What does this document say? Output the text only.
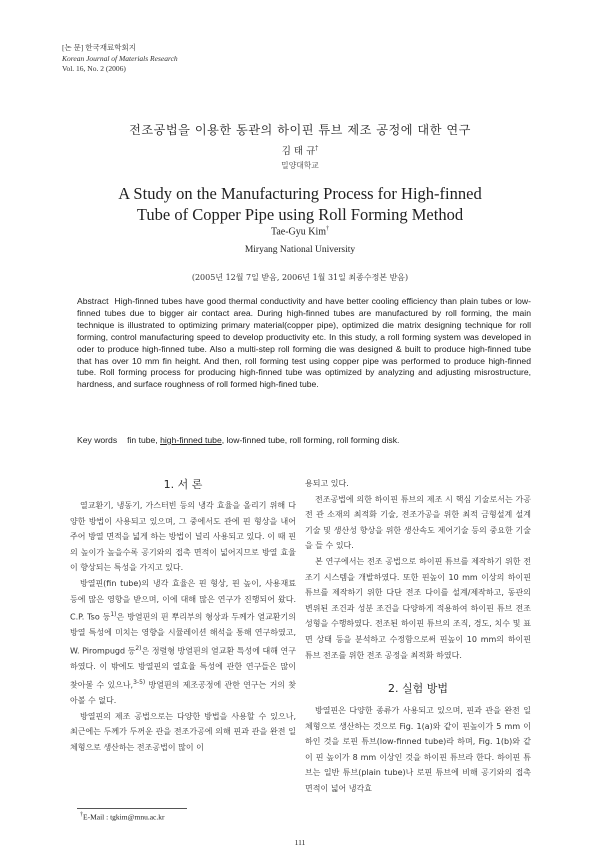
[논 문] 한국재료학회지
Korean Journal of Materials Research
Vol. 16, No. 2 (2006)
전조공법을 이용한 동관의 하이핀 튜브 제조 공정에 대한 연구
김 태 규†
밀양대학교
A Study on the Manufacturing Process for High-finned
Tube of Copper Pipe using Roll Forming Method
Tae-Gyu Kim†
Miryang National University
(2005년 12월 7일 받음, 2006년 1월 31일 최종수정본 받음)
Abstract High-finned tubes have good thermal conductivity and have better cooling efficiency than plain tubes or low-finned tubes due to bigger air contact area. During high-finned tubes are manufactured by roll forming, the main technique is illustrated to optimizing primary material(copper pipe), optimized die matrix designing technique for roll forming, control manufacturing speed to develop productivity etc. In this study, a roll forming system was developed in oder to produce high-finned tube. Also a multi-step roll forming die was designed & built to produce high-finned tube that has over 10 mm fin height. And then, roll forming test using copper pipe was performed to produce high-finned tube. Roll forming process for producing high-finned tube was optimized by analyzing and adjusting misrostructure, hardness, and surface roughness of roll formed high-fined tube.
Key words fin tube, high-finned tube, low-finned tube, roll forming, roll forming disk.
1. 서 론

열교환기, 냉동기, 가스터빈 등의 냉각 효율을 올리기 위해 다양한 방법이 사용되고 있으며, 그 중에서도 관에 핀 형상을 내어주어 방열 면적을 넓게 하는 방법이 널리 사용되고 있다. 이 때 핀의 높이가 높을수록 공기와의 접촉 면적이 넓어지므로 방열 효율이 향상되는 특성을 가지고 있다.

방열핀(fin tube)의 냉각 효율은 핀 형상, 핀 높이, 사용재료 등에 많은 영향을 받으며, 이에 대해 많은 연구가 진행되어 왔다. C.P. Tso 등$^{1)}$은 방열핀의 핀 뿌리부의 형상과 두께가 열교환기의 방열 특성에 미치는 영향을 시뮬레이션 해석을 통해 연구하였고, W. Pirompugd 등$^{2)}$은 정렬형 방열핀의 열교환 특성에 대해 연구하였다. 이 밖에도 방열핀의 열효율 특성에 관한 연구들은 많이 찾아볼 수 있으나,$^{3-5)}$ 방열핀의 제조공정에 관한 연구는 거의 찾아볼 수 없다.

방열핀의 제조 공법으로는 다양한 방법을 사용할 수 있으나, 최근에는 두께가 두꺼운 관을 전조가공에 의해 핀과 관을 완전 일체형으로 생산하는 전조공법이 많이 이

용되고 있다.

전조공법에 의한 하이핀 튜브의 제조 시 핵심 기술로서는 가공 전 관 소재의 최적화 기술, 전조가공을 위한 최적 금형설계 설계 기술 및 생산성 향상을 위한 생산속도 제어기술 등의 중요한 기술을 들 수 있다.

본 연구에서는 전조 공법으로 하이핀 튜브를 제작하기 위한 전조기 시스템을 개발하였다. 또한 핀높이 10 mm 이상의 하이핀 튜브를 제작하기 위한 다단 전조 다이를 설계/제작하고, 동관의 변위된 조건과 성분 조건을 다양하게 적용하여 하이핀 튜브 전조성형을 수행하였다. 전조된 하이핀 튜브의 조직, 경도, 치수 및 표면 상태 등을 분석하고 수정함으로써 핀높이 10 mm의 하이핀 튜브 전조를 위한 전조 공정을 최적화 하였다.

2. 실험 방법

방열핀은 다양한 종류가 사용되고 있으며, 핀과 관을 완전 일체형으로 생산하는 것으로 Fig. 1(a)와 같이 핀높이가 5 mm 이하인 것을 로핀 튜브(low-finned tube)라 하며, Fig. 1(b)와 같이 핀 높이가 8 mm 이상인 것을 하이핀 튜브라 한다. 하이핀 튜브는 일반 튜브(plain tube)나 로핀 튜브에 비해 공기와의 접촉면적이 넓어 냉각효

†E-Mail : tgkim@mnu.ac.kr
111
